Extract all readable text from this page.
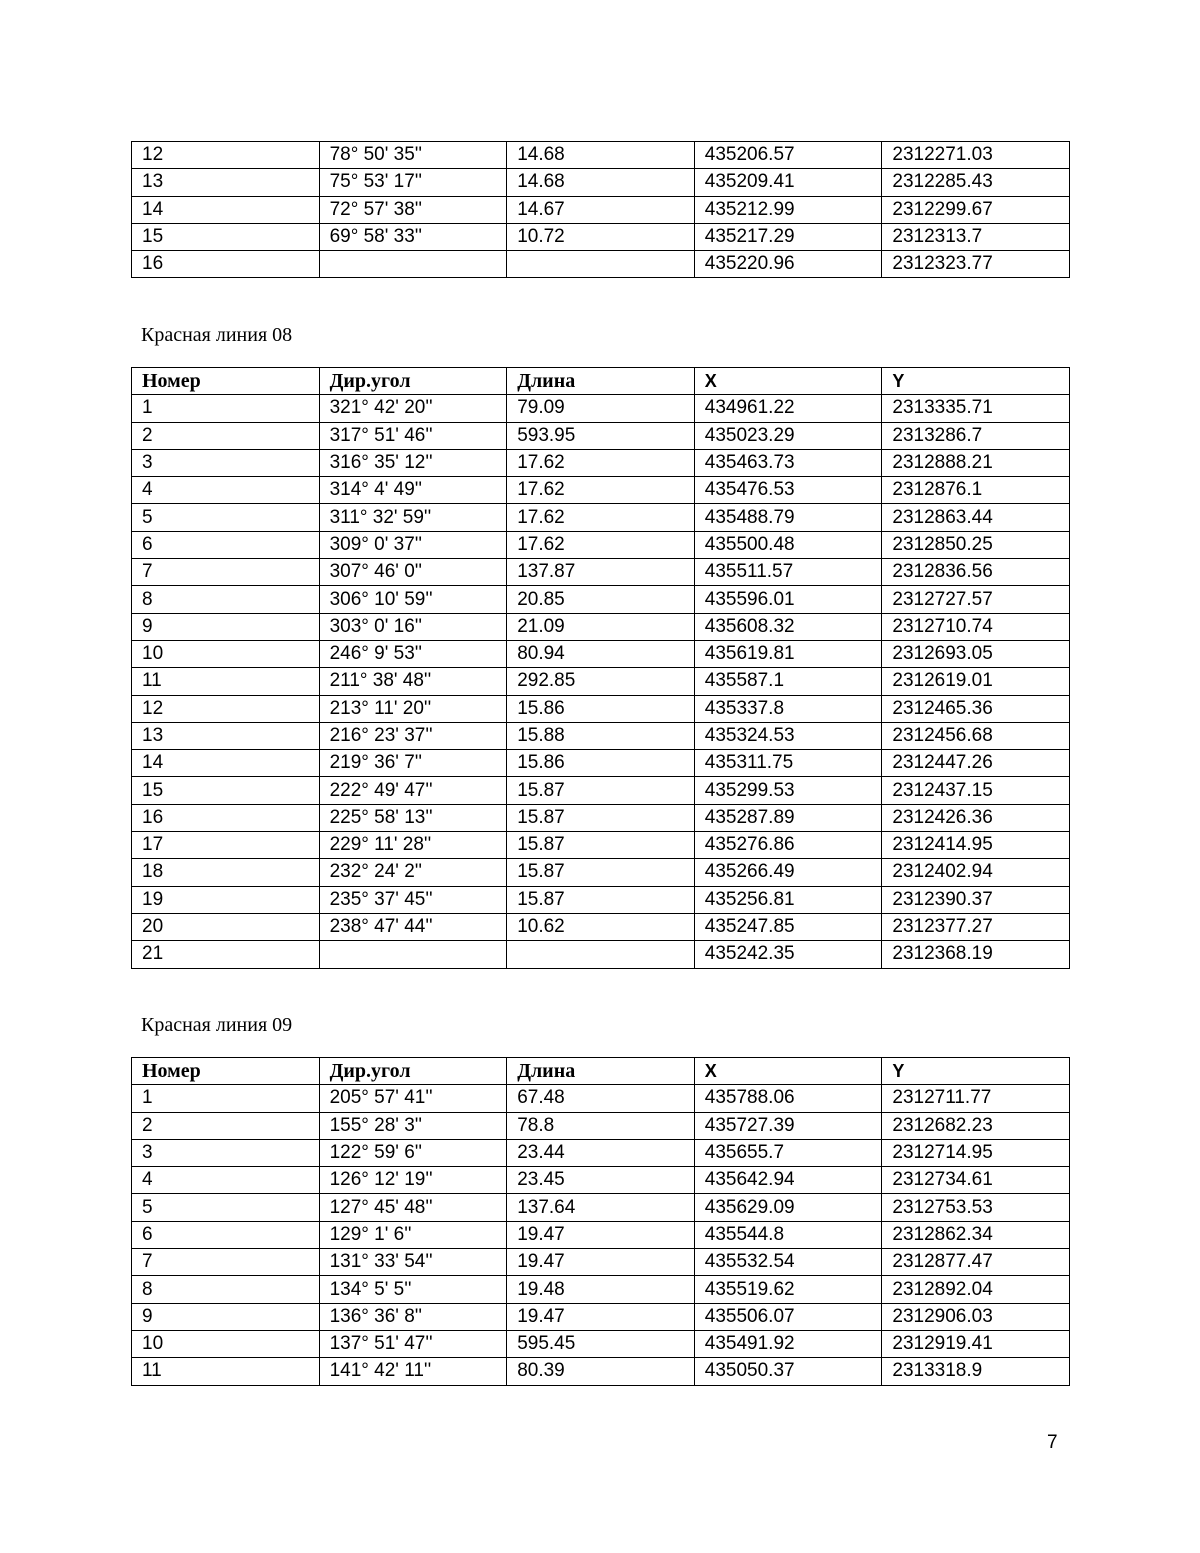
12	78° 50' 35''	14.68	435206.57	2312271.03
13	75° 53' 17''	14.68	435209.41	2312285.43
14	72° 57' 38''	14.67	435212.99	2312299.67
15	69° 58' 33''	10.72	435217.29	2312313.7
16			435220.96	2312323.77
Красная линия 08
Номер	Дир.угол	Длина	X	Y
1	321° 42' 20''	79.09	434961.22	2313335.71
2	317° 51' 46''	593.95	435023.29	2313286.7
3	316° 35' 12''	17.62	435463.73	2312888.21
4	314° 4' 49''	17.62	435476.53	2312876.1
5	311° 32' 59''	17.62	435488.79	2312863.44
6	309° 0' 37''	17.62	435500.48	2312850.25
7	307° 46' 0''	137.87	435511.57	2312836.56
8	306° 10' 59''	20.85	435596.01	2312727.57
9	303° 0' 16''	21.09	435608.32	2312710.74
10	246° 9' 53''	80.94	435619.81	2312693.05
11	211° 38' 48''	292.85	435587.1	2312619.01
12	213° 11' 20''	15.86	435337.8	2312465.36
13	216° 23' 37''	15.88	435324.53	2312456.68
14	219° 36' 7''	15.86	435311.75	2312447.26
15	222° 49' 47''	15.87	435299.53	2312437.15
16	225° 58' 13''	15.87	435287.89	2312426.36
17	229° 11' 28''	15.87	435276.86	2312414.95
18	232° 24' 2''	15.87	435266.49	2312402.94
19	235° 37' 45''	15.87	435256.81	2312390.37
20	238° 47' 44''	10.62	435247.85	2312377.27
21			435242.35	2312368.19
Красная линия 09
Номер	Дир.угол	Длина	X	Y
1	205° 57' 41''	67.48	435788.06	2312711.77
2	155° 28' 3''	78.8	435727.39	2312682.23
3	122° 59' 6''	23.44	435655.7	2312714.95
4	126° 12' 19''	23.45	435642.94	2312734.61
5	127° 45' 48''	137.64	435629.09	2312753.53
6	129° 1' 6''	19.47	435544.8	2312862.34
7	131° 33' 54''	19.47	435532.54	2312877.47
8	134° 5' 5''	19.48	435519.62	2312892.04
9	136° 36' 8''	19.47	435506.07	2312906.03
10	137° 51' 47''	595.45	435491.92	2312919.41
11	141° 42' 11''	80.39	435050.37	2313318.9
7
